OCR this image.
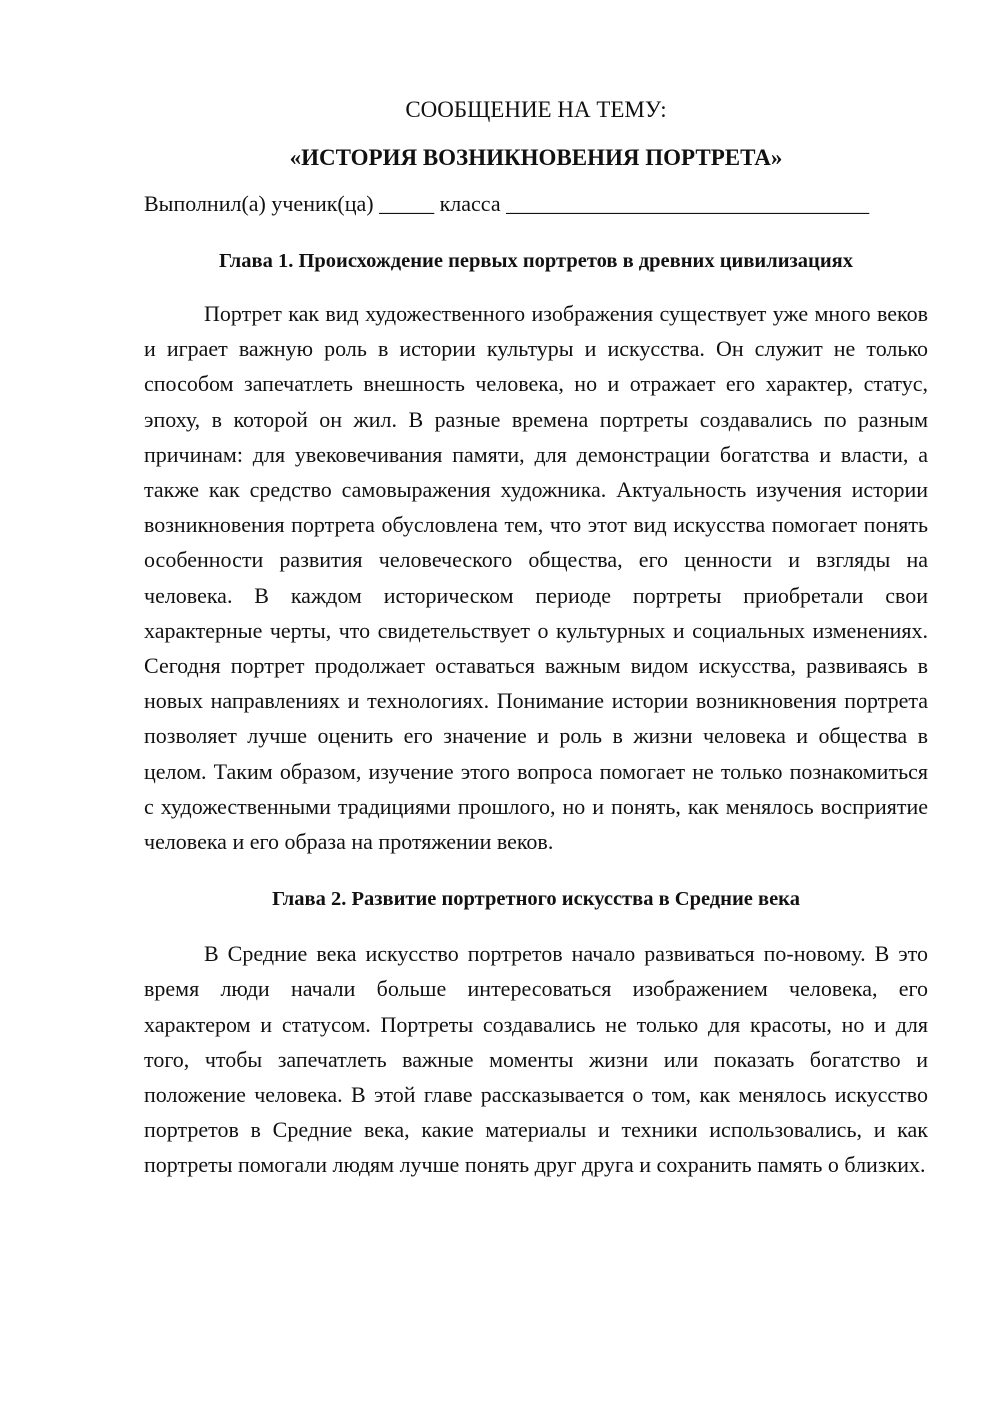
СООБЩЕНИЕ НА ТЕМУ:

«ИСТОРИЯ ВОЗНИКНОВЕНИЯ ПОРТРЕТА»

Выполнил(а) ученик(ца) _____ класса _________________________________

Глава 1. Происхождение первых портретов в древних цивилизациях

Портрет как вид художественного изображения существует уже много веков и играет важную роль в истории культуры и искусства. Он служит не только способом запечатлеть внешность человека, но и отражает его характер, статус, эпоху, в которой он жил. В разные времена портреты создавались по разным причинам: для увековечивания памяти, для демонстрации богатства и власти, а также как средство самовыражения художника. Актуальность изучения истории возникновения портрета обусловлена тем, что этот вид искусства помогает понять особенности развития человеческого общества, его ценности и взгляды на человека. В каждом историческом периоде портреты приобретали свои характерные черты, что свидетельствует о культурных и социальных изменениях. Сегодня портрет продолжает оставаться важным видом искусства, развиваясь в новых направлениях и технологиях. Понимание истории возникновения портрета позволяет лучше оценить его значение и роль в жизни человека и общества в целом. Таким образом, изучение этого вопроса помогает не только познакомиться с художественными традициями прошлого, но и понять, как менялось восприятие человека и его образа на протяжении веков.

Глава 2. Развитие портретного искусства в Средние века

В Средние века искусство портретов начало развиваться по-новому. В это время люди начали больше интересоваться изображением человека, его характером и статусом. Портреты создавались не только для красоты, но и для того, чтобы запечатлеть важные моменты жизни или показать богатство и положение человека. В этой главе рассказывается о том, как менялось искусство портретов в Средние века, какие материалы и техники использовались, и как портреты помогали людям лучше понять друг друга и сохранить память о близких.
